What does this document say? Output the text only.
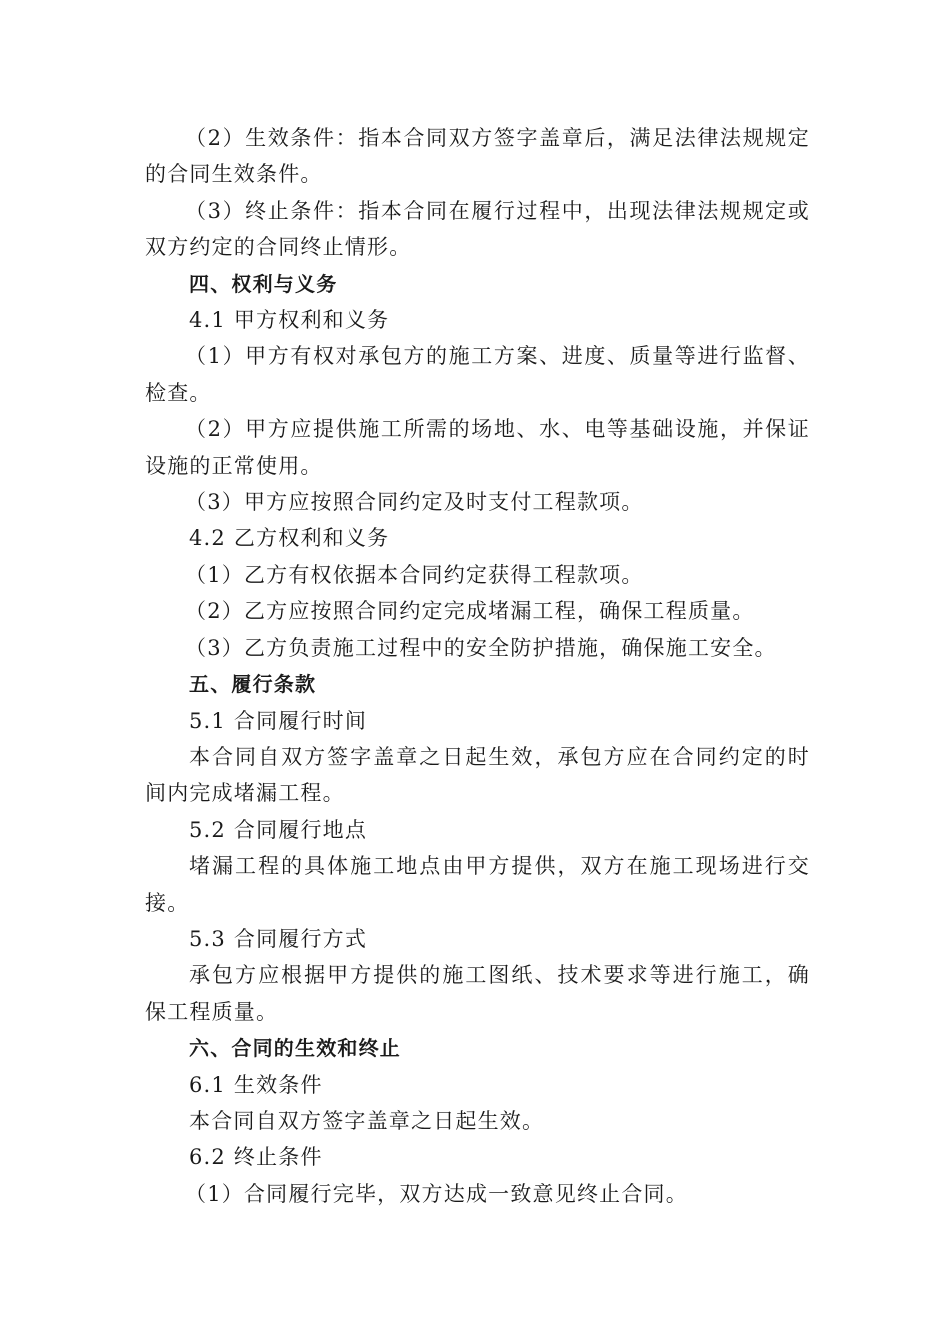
（2）生效条件：指本合同双方签字盖章后，满足法律法规规定的合同生效条件。

（3）终止条件：指本合同在履行过程中，出现法律法规规定或双方约定的合同终止情形。

四、权利与义务

4.1 甲方权利和义务

（1）甲方有权对承包方的施工方案、进度、质量等进行监督、检查。

（2）甲方应提供施工所需的场地、水、电等基础设施，并保证设施的正常使用。

（3）甲方应按照合同约定及时支付工程款项。

4.2 乙方权利和义务

（1）乙方有权依据本合同约定获得工程款项。

（2）乙方应按照合同约定完成堵漏工程，确保工程质量。

（3）乙方负责施工过程中的安全防护措施，确保施工安全。

五、履行条款

5.1 合同履行时间

本合同自双方签字盖章之日起生效，承包方应在合同约定的时间内完成堵漏工程。

5.2 合同履行地点

堵漏工程的具体施工地点由甲方提供，双方在施工现场进行交接。

5.3 合同履行方式

承包方应根据甲方提供的施工图纸、技术要求等进行施工，确保工程质量。

六、合同的生效和终止

6.1 生效条件

本合同自双方签字盖章之日起生效。

6.2 终止条件

（1）合同履行完毕，双方达成一致意见终止合同。
